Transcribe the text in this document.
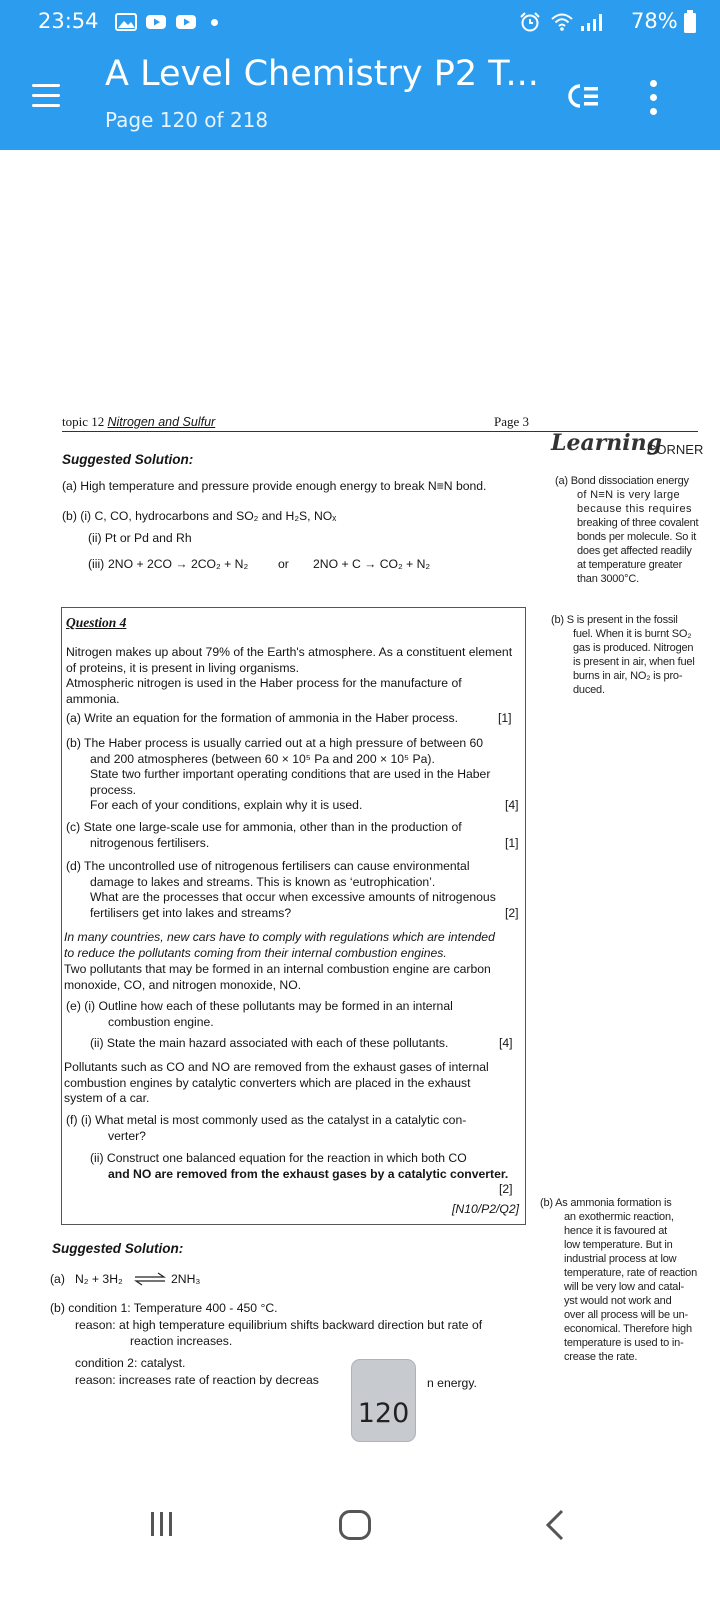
23:54	78%
A Level Chemistry P2 T...
Page 120 of 218
topic 12 Nitrogen and Sulfur	Page 3
Learning
CORNER
Suggested Solution:
(a) High temperature and pressure provide enough energy to break N≡N bond.
(b) (i) C, CO, hydrocarbons and SO₂ and H₂S, NOₓ
(ii) Pt or Pd and Rh
(iii) 2NO + 2CO → 2CO₂ + N₂ or 2NO + C → CO₂ + N₂
(a) Bond dissociation energy
of N≡N is very large
because this requires
breaking of three covalent
bonds per molecule. So it
does get affected readily
at temperature greater
than 3000°C.
(b) S is present in the fossil
fuel. When it is burnt SO₂
gas is produced. Nitrogen
is present in air, when fuel
burns in air, NO₂ is pro-
duced.
Question 4
Nitrogen makes up about 79% of the Earth's atmosphere. As a constituent element
of proteins, it is present in living organisms.
Atmospheric nitrogen is used in the Haber process for the manufacture of
ammonia.
(a) Write an equation for the formation of ammonia in the Haber process.	[1]
(b) The Haber process is usually carried out at a high pressure of between 60
and 200 atmospheres (between 60 × 10⁵ Pa and 200 × 10⁵ Pa).
State two further important operating conditions that are used in the Haber
process.
For each of your conditions, explain why it is used.	[4]
(c) State one large-scale use for ammonia, other than in the production of
nitrogenous fertilisers.	[1]
(d) The uncontrolled use of nitrogenous fertilisers can cause environmental
damage to lakes and streams. This is known as ‘eutrophication’.
What are the processes that occur when excessive amounts of nitrogenous
fertilisers get into lakes and streams?	[2]
In many countries, new cars have to comply with regulations which are intended
to reduce the pollutants coming from their internal combustion engines.
Two pollutants that may be formed in an internal combustion engine are carbon
monoxide, CO, and nitrogen monoxide, NO.
(e) (i) Outline how each of these pollutants may be formed in an internal
combustion engine.
(ii) State the main hazard associated with each of these pollutants.	[4]
Pollutants such as CO and NO are removed from the exhaust gases of internal
combustion engines by catalytic converters which are placed in the exhaust
system of a car.
(f) (i) What metal is most commonly used as the catalyst in a catalytic con-
verter?
(ii) Construct one balanced equation for the reaction in which both CO
and NO are removed from the exhaust gases by a catalytic converter.
[2]
[N10/P2/Q2] (b) As ammonia formation is
an exothermic reaction,
hence it is favoured at
low temperature. But in
industrial process at low
temperature, rate of reaction
will be very low and catal-
yst would not work and
over all process will be un-
economical. Therefore high
temperature is used to in-
crease the rate.
Suggested Solution:
(a) N₂ + 3H₂ ⇌ 2NH₃
(b) condition 1: Temperature 400 - 450 °C.
reason: at high temperature equilibrium shifts backward direction but rate of
reaction increases.
condition 2: catalyst.
reason: increases rate of reaction by decreas	n energy.
120
